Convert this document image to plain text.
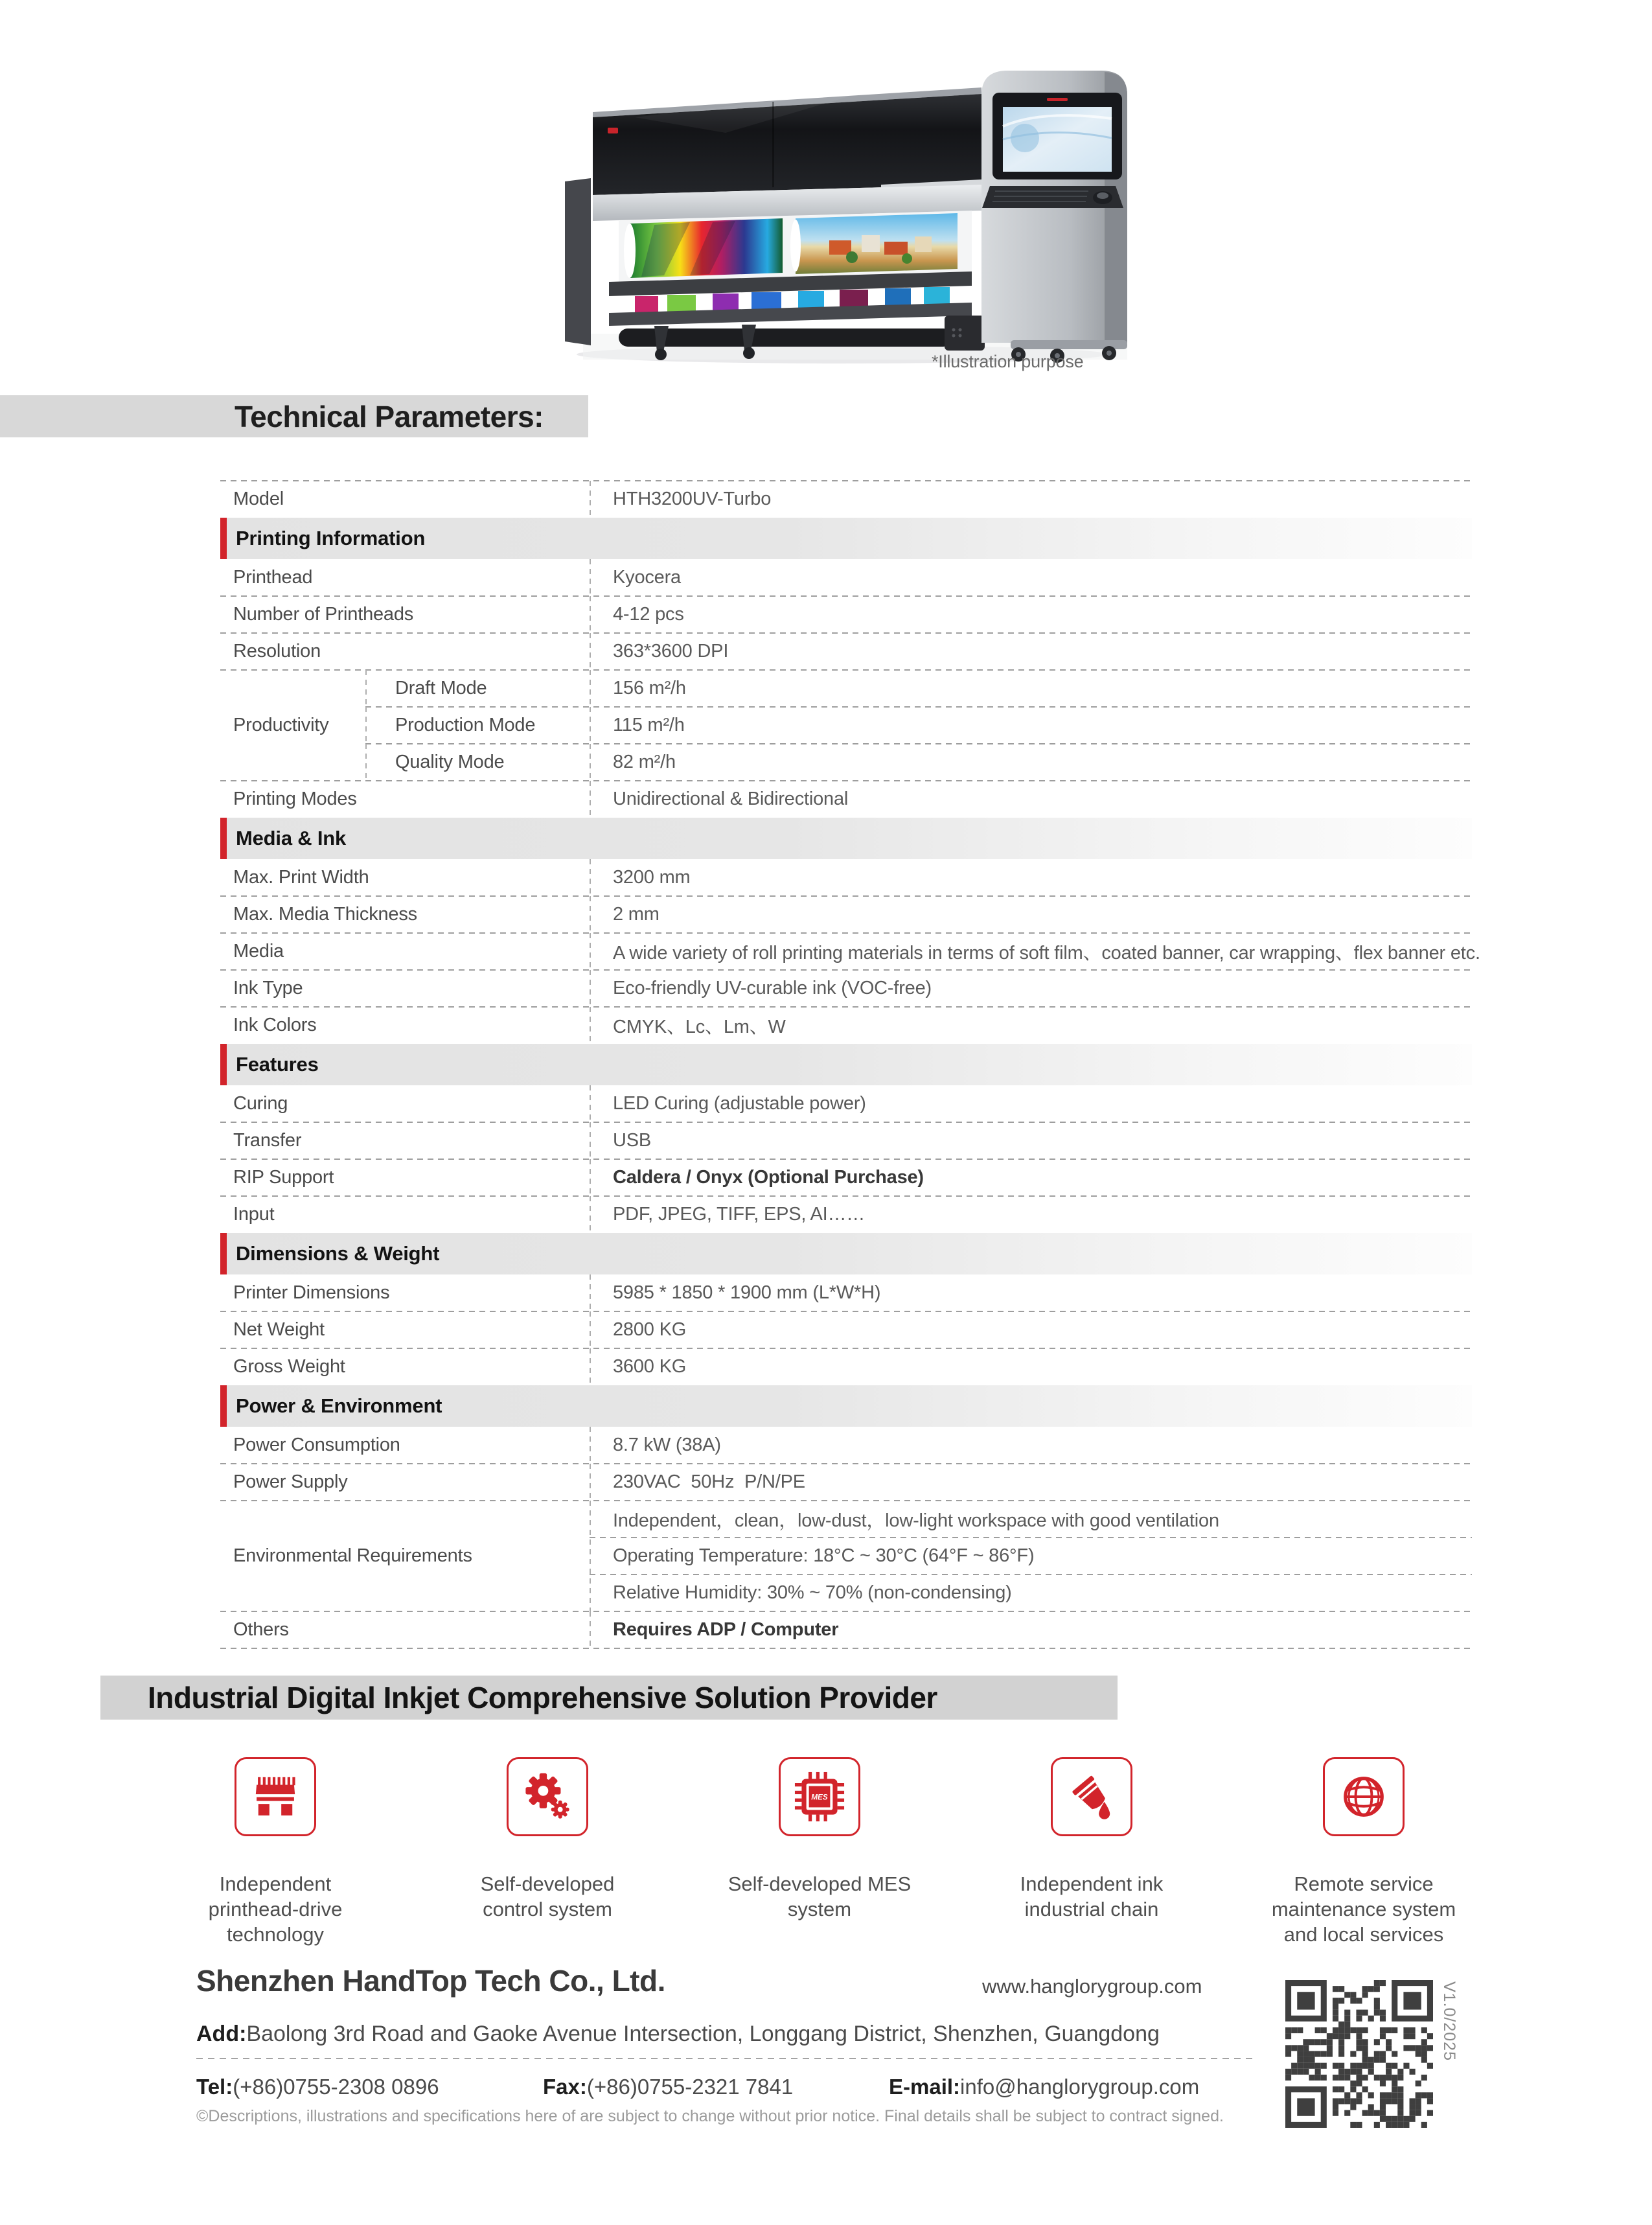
*Illustration purpose
Technical Parameters:
Model	HTH3200UV-Turbo
Printing Information
Printhead	Kyocera
Number of Printheads	4-12 pcs
Resolution	363*3600 DPI
Productivity
Draft Mode	156 m²/h
Production Mode	115 m²/h
Quality Mode	82 m²/h
Printing Modes	Unidirectional & Bidirectional
Media & Ink
Max. Print Width	3200 mm
Max. Media Thickness	2 mm
Media	A wide variety of roll printing materials in terms of soft film、coated banner, car wrapping、flex banner etc.
Ink Type	Eco-friendly UV-curable ink (VOC-free)
Ink Colors	CMYK、Lc、Lm、W
Features
Curing	LED Curing (adjustable power)
Transfer	USB
RIP Support	Caldera / Onyx (Optional Purchase)
Input	PDF, JPEG, TIFF, EPS, AI……
Dimensions & Weight
Printer Dimensions	5985 * 1850 * 1900 mm (L*W*H)
Net Weight	2800 KG
Gross Weight	3600 KG
Power & Environment
Power Consumption	8.7 kW (38A)
Power Supply	230VAC  50Hz  P/N/PE
Environmental Requirements
Independent，clean，low-dust，low-light workspace with good ventilation
Operating Temperature: 18°C ~ 30°C (64°F ~ 86°F)
Relative Humidity: 30% ~ 70% (non-condensing)
Others	Requires ADP / Computer
Industrial Digital Inkjet Comprehensive Solution Provider
Independent printhead-drive technology
Self-developed control system
MES
Self-developed MES system
Independent ink industrial chain
Remote service maintenance system and local services
Shenzhen HandTop Tech Co., Ltd.	www.hanglorygroup.com
Add:Baolong 3rd Road and Gaoke Avenue Intersection, Longgang District, Shenzhen, Guangdong
Tel:(+86)0755-2308 0896	Fax:(+86)0755-2321 7841	E-mail:info@hanglorygroup.com
©Descriptions, illustrations and specifications here of are subject to change without prior notice. Final details shall be subject to contract signed.
V1.0/2025
